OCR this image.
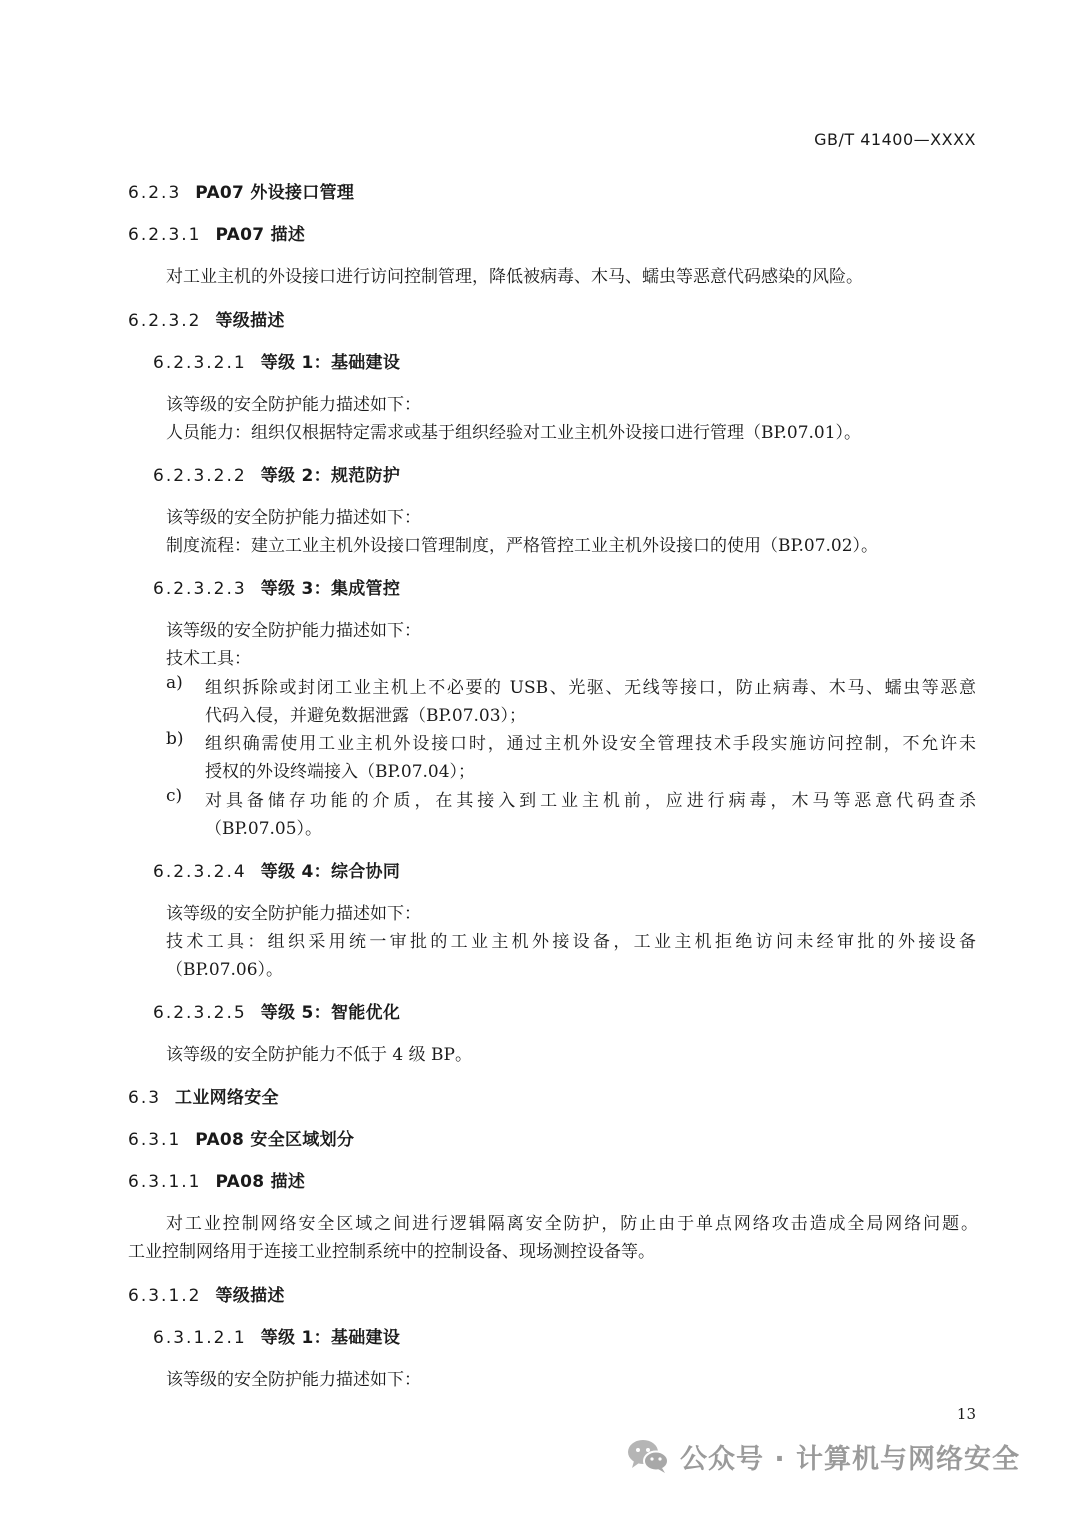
GB/T 41400—XXXX
6.2.3 PA07 外设接口管理
6.2.3.1 PA07 描述
对工业主机的外设接口进行访问控制管理，降低被病毒、木马、蠕虫等恶意代码感染的风险。
6.2.3.2 等级描述
6.2.3.2.1 等级 1：基础建设
该等级的安全防护能力描述如下：
人员能力：组织仅根据特定需求或基于组织经验对工业主机外设接口进行管理（BP.07.01）。
6.2.3.2.2 等级 2：规范防护
该等级的安全防护能力描述如下：
制度流程：建立工业主机外设接口管理制度，严格管控工业主机外设接口的使用（BP.07.02）。
6.2.3.2.3 等级 3：集成管控
该等级的安全防护能力描述如下：
技术工具：
a) 组织拆除或封闭工业主机上不必要的 USB、光驱、无线等接口，防止病毒、木马、蠕虫等恶意
代码入侵，并避免数据泄露（BP.07.03）；
b) 组织确需使用工业主机外设接口时，通过主机外设安全管理技术手段实施访问控制，不允许未
授权的外设终端接入（BP.07.04）；
c) 对具备储存功能的介质，在其接入到工业主机前，应进行病毒，木马等恶意代码查杀
（BP.07.05）。
6.2.3.2.4 等级 4：综合协同
该等级的安全防护能力描述如下：
技术工具：组织采用统一审批的工业主机外接设备，工业主机拒绝访问未经审批的外接设备
（BP.07.06）。
6.2.3.2.5 等级 5：智能优化
该等级的安全防护能力不低于 4 级 BP。
6.3 工业网络安全
6.3.1 PA08 安全区域划分
6.3.1.1 PA08 描述
对工业控制网络安全区域之间进行逻辑隔离安全防护，防止由于单点网络攻击造成全局网络问题。
工业控制网络用于连接工业控制系统中的控制设备、现场测控设备等。
6.3.1.2 等级描述
6.3.1.2.1 等级 1：基础建设
该等级的安全防护能力描述如下：
13
公众号 · 计算机与网络安全
